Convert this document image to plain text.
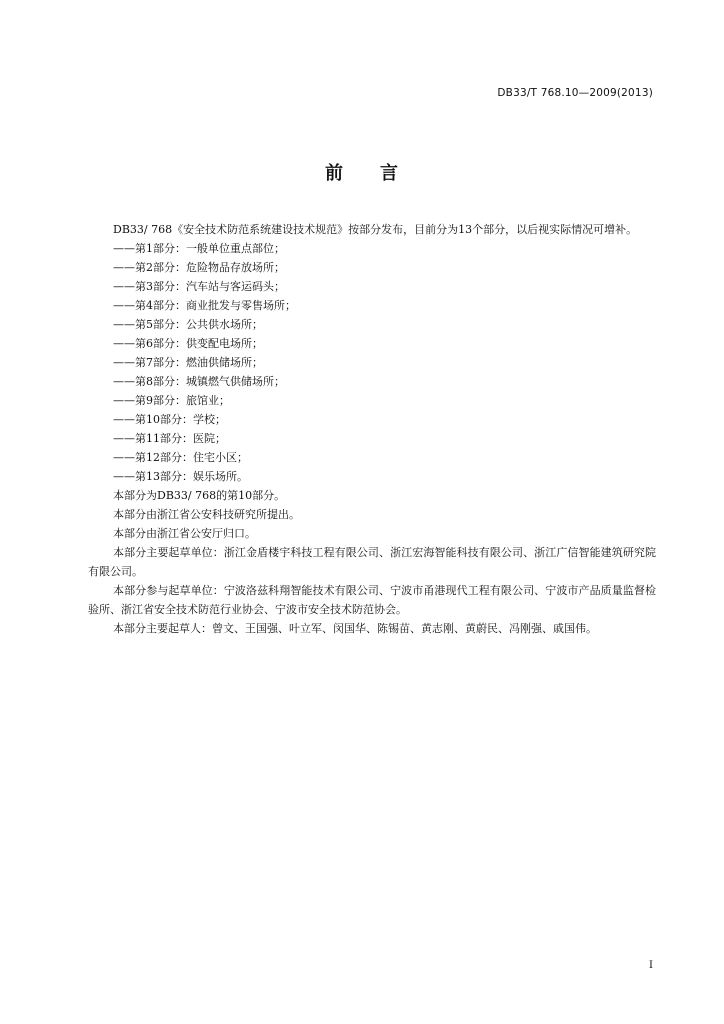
DB33/T 768.10—2009(2013)
前 言

DB33/ 768《安全技术防范系统建设技术规范》按部分发布，目前分为13个部分，以后视实际情况可增补。

——第1部分：一般单位重点部位；
——第2部分：危险物品存放场所；
——第3部分：汽车站与客运码头；
——第4部分：商业批发与零售场所；
——第5部分：公共供水场所；
——第6部分：供变配电场所；
——第7部分：燃油供储场所；
——第8部分：城镇燃气供储场所；
——第9部分：旅馆业；
——第10部分：学校；
——第11部分：医院；
——第12部分：住宅小区；
——第13部分：娱乐场所。

本部分为DB33/ 768的第10部分。

本部分由浙江省公安科技研究所提出。

本部分由浙江省公安厅归口。

本部分主要起草单位：浙江金盾楼宇科技工程有限公司、浙江宏海智能科技有限公司、浙江广信智能建筑研究院有限公司。

本部分参与起草单位：宁波洛兹科翔智能技术有限公司、宁波市甬港现代工程有限公司、宁波市产品质量监督检验所、浙江省安全技术防范行业协会、宁波市安全技术防范协会。

本部分主要起草人：曾文、王国强、叶立军、闵国华、陈锡苗、黄志刚、黄蔚民、冯刚强、戚国伟。

I
